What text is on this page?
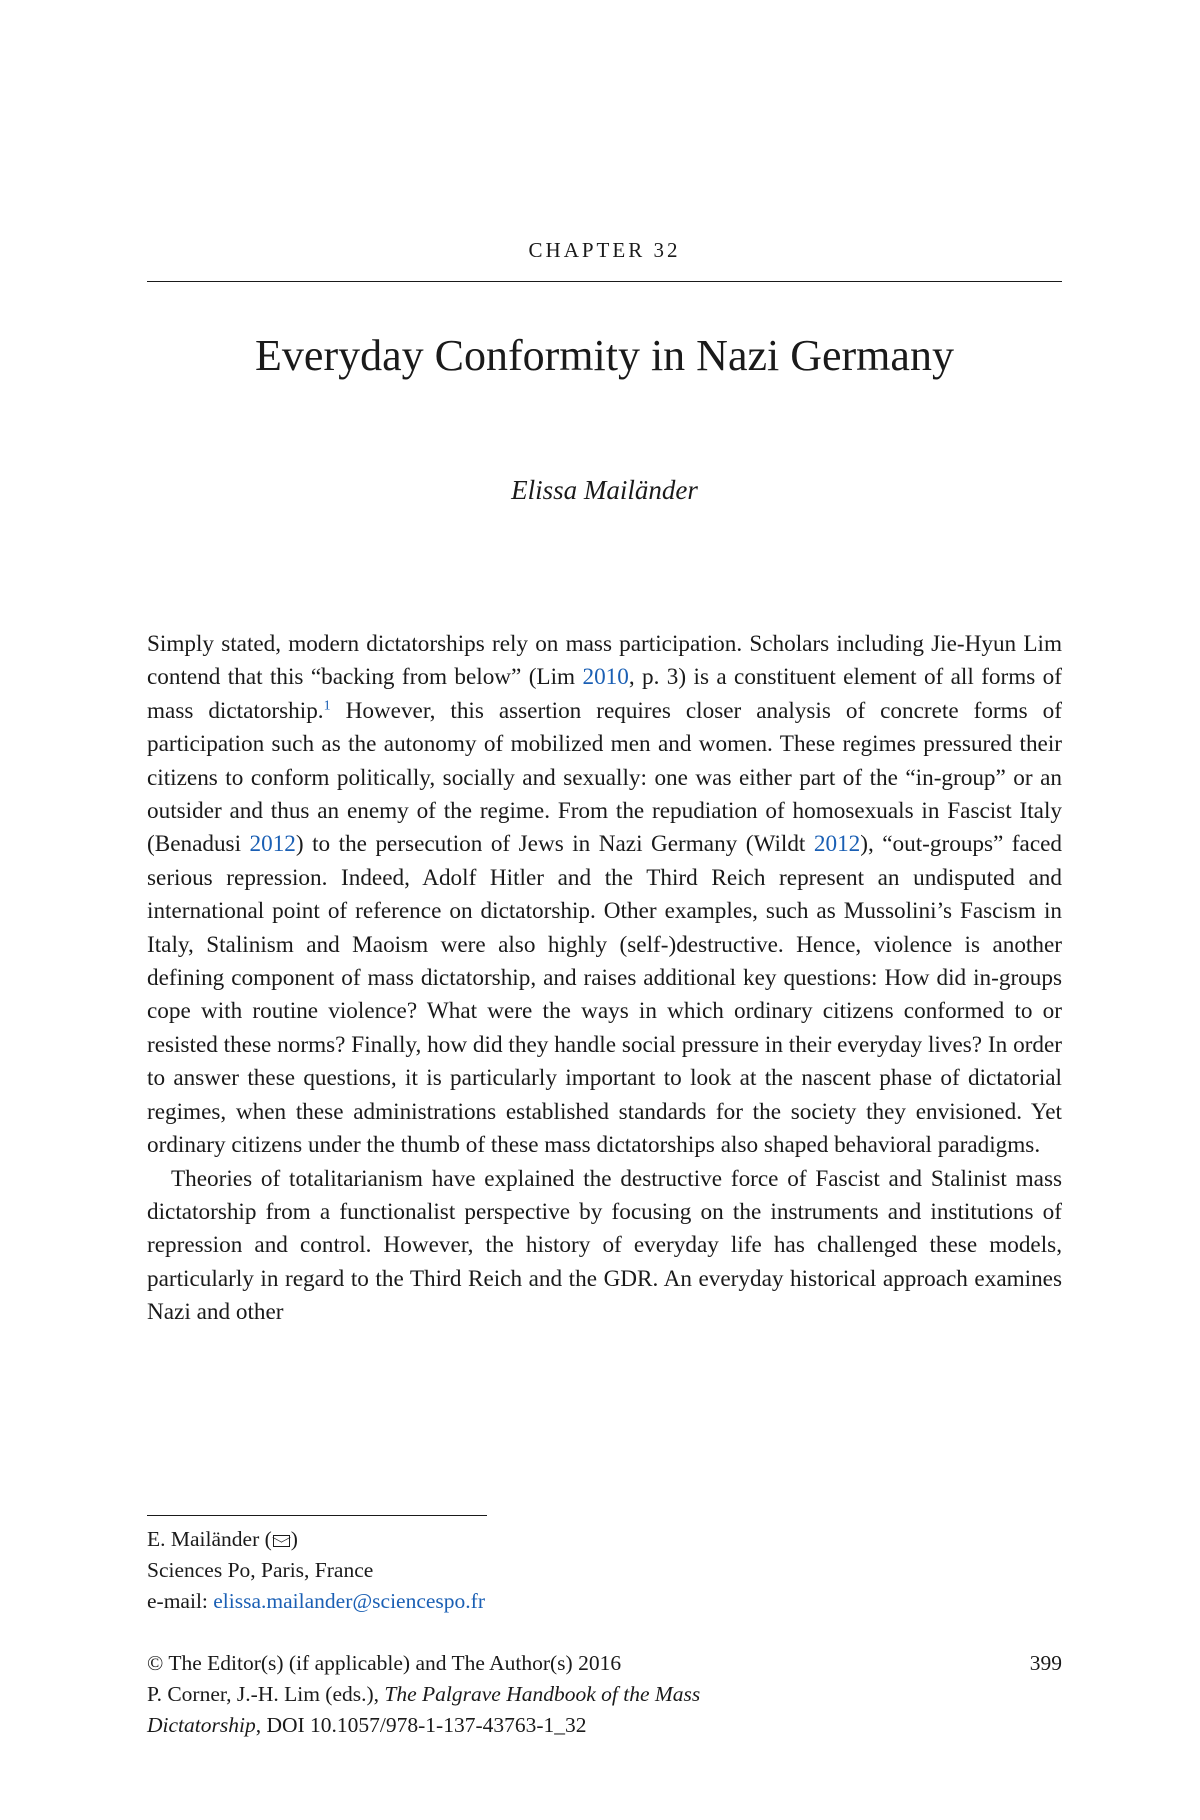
CHAPTER 32
Everyday Conformity in Nazi Germany
Elissa Mailänder

Simply stated, modern dictatorships rely on mass participation. Scholars including Jie-Hyun Lim contend that this “backing from below” (Lim 2010, p. 3) is a constituent element of all forms of mass dictatorship.$^1$ However, this assertion requires closer analysis of concrete forms of participation such as the autonomy of mobilized men and women. These regimes pressured their citizens to conform politically, socially and sexually: one was either part of the “in-group” or an outsider and thus an enemy of the regime. From the repudiation of homosexuals in Fascist Italy (Benadusi 2012) to the persecution of Jews in Nazi Germany (Wildt 2012), “out-groups” faced serious repression. Indeed, Adolf Hitler and the Third Reich represent an undisputed and international point of reference on dictatorship. Other examples, such as Mussolini’s Fascism in Italy, Stalinism and Maoism were also highly (self-)destructive. Hence, violence is another defining component of mass dictatorship, and raises additional key questions: How did in-groups cope with routine violence? What were the ways in which ordinary citizens conformed to or resisted these norms? Finally, how did they handle social pressure in their everyday lives? In order to answer these questions, it is particularly important to look at the nascent phase of dictatorial regimes, when these administrations established standards for the society they envisioned. Yet ordinary citizens under the thumb of these mass dictatorships also shaped behavioral paradigms.

Theories of totalitarianism have explained the destructive force of Fascist and Stalinist mass dictatorship from a functionalist perspective by focusing on the instruments and institutions of repression and control. However, the history of everyday life has challenged these models, particularly in regard to the Third Reich and the GDR. An everyday historical approach examines Nazi and other

E. Mailänder ( )
Sciences Po, Paris, France
e-mail: elissa.mailander@sciencespo.fr
© The Editor(s) (if applicable) and The Author(s) 2016
P. Corner, J.-H. Lim (eds.), The Palgrave Handbook of the Mass
Dictatorship, DOI 10.1057/978-1-137-43763-1_32
399
